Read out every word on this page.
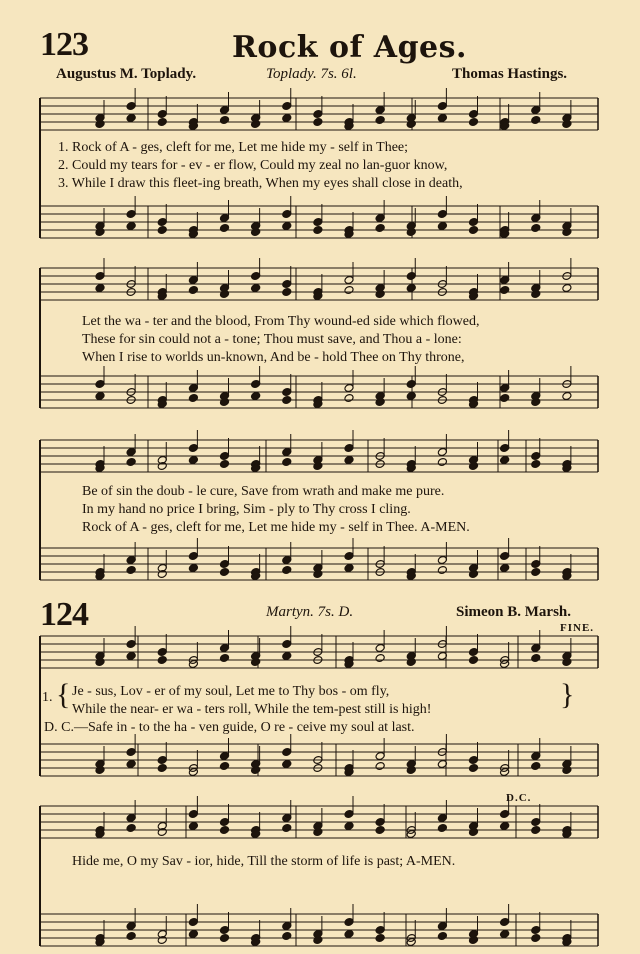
123	Rock of Ages.
Augustus M. Toplady.	Toplady. 7s. 6l.	Thomas Hastings.
1. Rock of A - ges, cleft for me, Let me hide my - self in Thee;
2. Could my tears for - ev - er flow, Could my zeal no lan-guor know,
3. While I draw this fleet-ing breath, When my eyes shall close in death,
Let the wa - ter and the blood, From Thy wound-ed side which flowed,
These for sin could not a - tone; Thou must save, and Thou a - lone:
When I rise to worlds un-known, And be - hold Thee on Thy throne,
Be of sin the doub - le cure, Save from wrath and make me pure.
In my hand no price I bring, Sim - ply to Thy cross I cling.
Rock of A - ges, cleft for me, Let me hide my - self in Thee. A-MEN.
124	Martyn. 7s. D.	Simeon B. Marsh.
FINE.
1. { Je - sus, Lov - er of my soul, Let me to Thy bos - om fly,
While the near- er wa - ters roll, While the tem-pest still is high!	}
D. C.—Safe in - to the ha - ven guide, O re - ceive my soul at last.
D.C.
Hide me, O my Sav - ior, hide, Till the storm of life is past; A-MEN.
